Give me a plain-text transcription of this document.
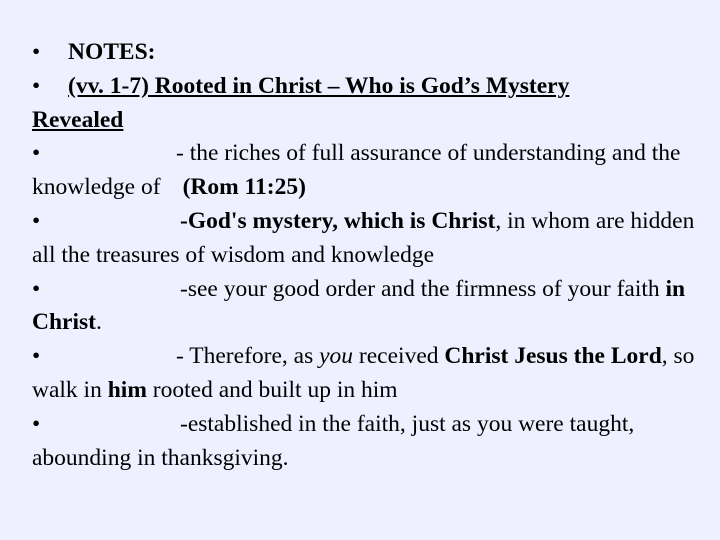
• NOTES:
• (vv. 1-7) Rooted in Christ – Who is God’s Mystery
Revealed
•	- the riches of full assurance of understanding and the knowledge of (Rom 11:25)
•	-God's mystery, which is Christ, in whom are hidden all the treasures of wisdom and knowledge
•	-see your good order and the firmness of your faith in Christ.
•	- Therefore, as you received Christ Jesus the Lord, so walk in him rooted and built up in him
•	-established in the faith, just as you were taught, abounding in thanksgiving.
